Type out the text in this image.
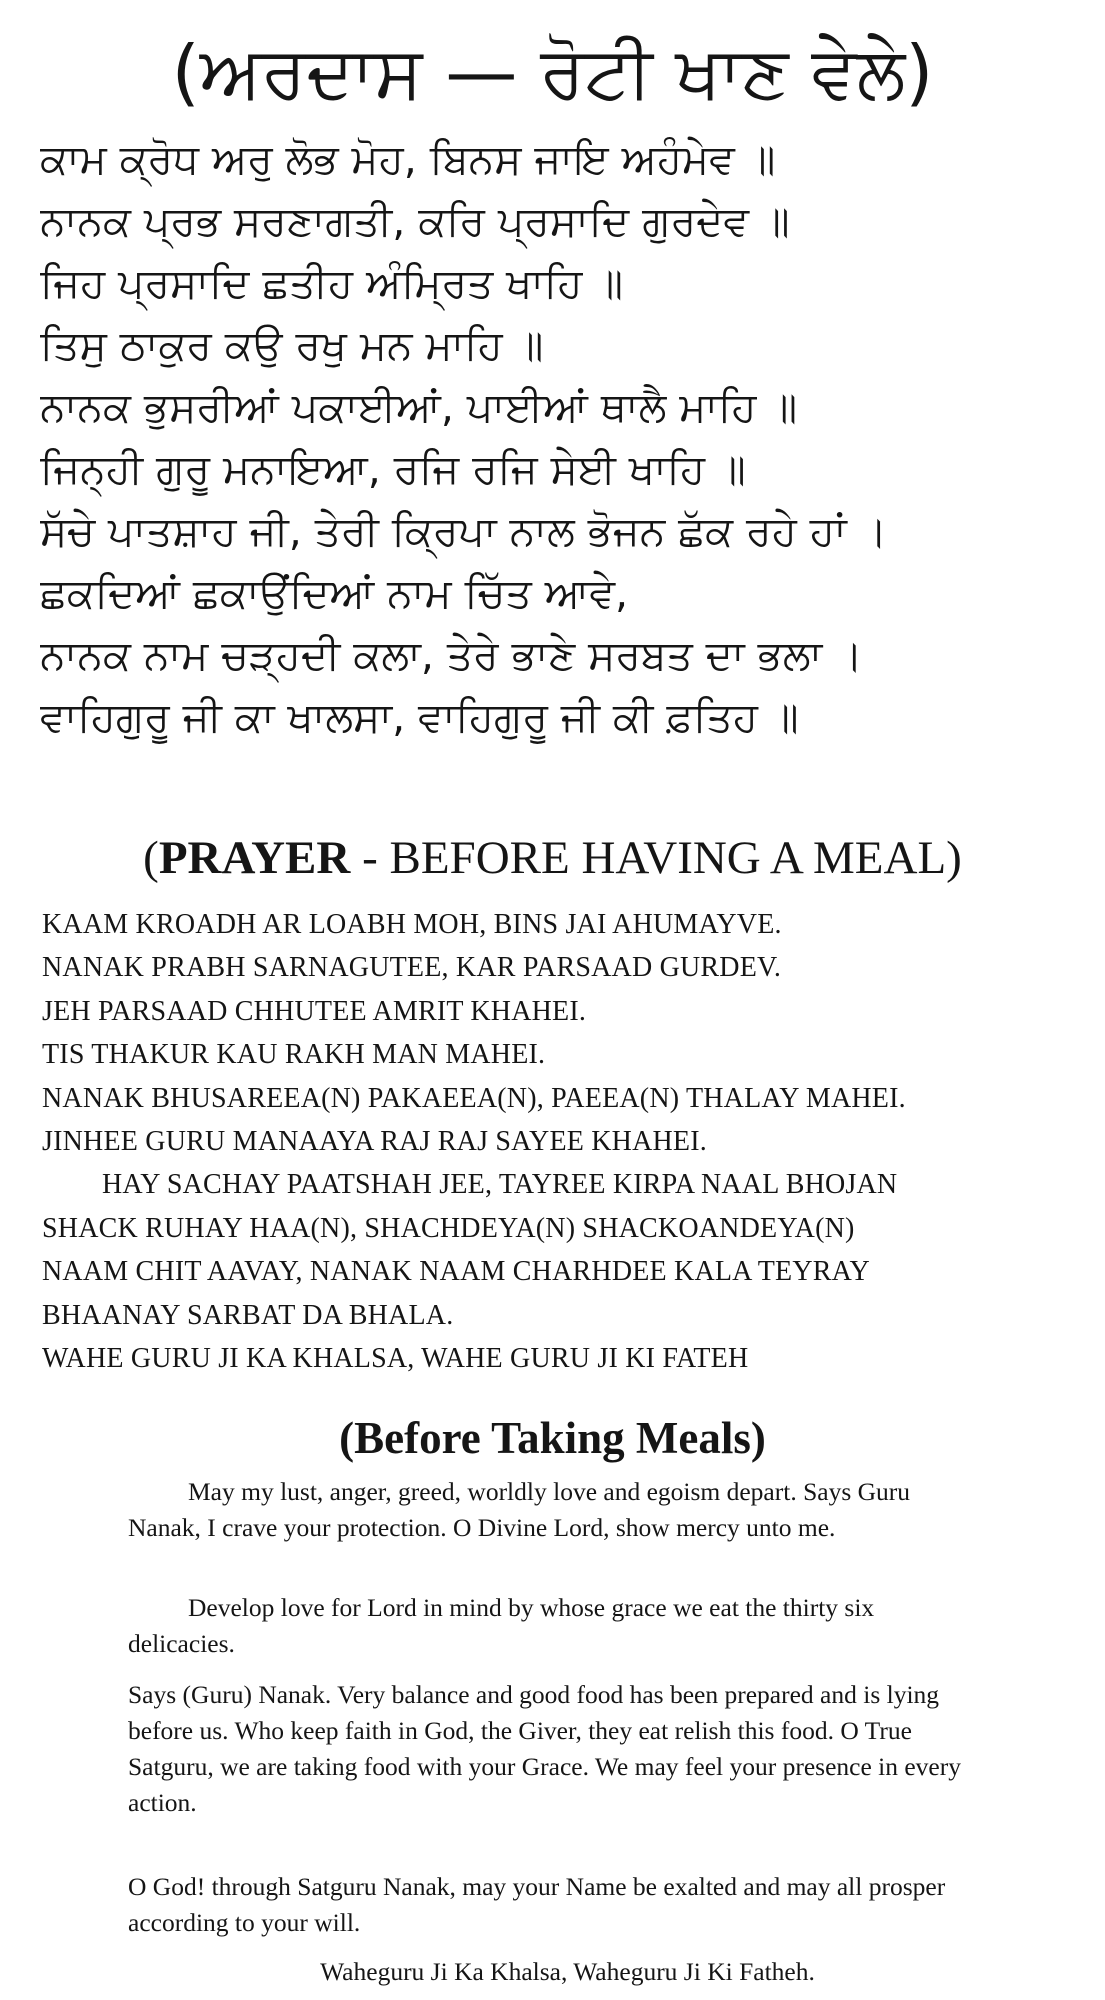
(ਅਰਦਾਸ — ਰੋਟੀ ਖਾਣ ਵੇਲੇ)
ਕਾਮ ਕ੍ਰੋਧ ਅਰੁ ਲੋਭ ਮੋਹ, ਬਿਨਸ ਜਾਇ ਅਹੰਮੇਵ ॥
ਨਾਨਕ ਪ੍ਰਭ ਸਰਣਾਗਤੀ, ਕਰਿ ਪ੍ਰਸਾਦਿ ਗੁਰਦੇਵ ॥
ਜਿਹ ਪ੍ਰਸਾਦਿ ਛਤੀਹ ਅੰਮ੍ਰਿਤ ਖਾਹਿ ॥
ਤਿਸੁ ਠਾਕੁਰ ਕਉ ਰਖੁ ਮਨ ਮਾਹਿ ॥
ਨਾਨਕ ਭੁਸਰੀਆਂ ਪਕਾਈਆਂ, ਪਾਈਆਂ ਥਾਲੈ ਮਾਹਿ ॥
ਜਿਨ੍ਹੀ ਗੁਰੂ ਮਨਾਇਆ, ਰਜਿ ਰਜਿ ਸੇਈ ਖਾਹਿ ॥
ਸੱਚੇ ਪਾਤਸ਼ਾਹ ਜੀ, ਤੇਰੀ ਕ੍ਰਿਪਾ ਨਾਲ ਭੋਜਨ ਛੱਕ ਰਹੇ ਹਾਂ ।
ਛਕਦਿਆਂ ਛਕਾਉਂਦਿਆਂ ਨਾਮ ਚਿੱਤ ਆਵੇ,
ਨਾਨਕ ਨਾਮ ਚੜ੍ਹਦੀ ਕਲਾ, ਤੇਰੇ ਭਾਣੇ ਸਰਬਤ ਦਾ ਭਲਾ ।
ਵਾਹਿਗੁਰੂ ਜੀ ਕਾ ਖਾਲਸਾ, ਵਾਹਿਗੁਰੂ ਜੀ ਕੀ ਫ਼ਤਿਹ ॥
(PRAYER - BEFORE HAVING A MEAL)
KAAM KROADH AR LOABH MOH, BINS JAI AHUMAYVE.
NANAK PRABH SARNAGUTEE, KAR PARSAAD GURDEV.
JEH PARSAAD CHHUTEE AMRIT KHAHEI.
TIS THAKUR KAU RAKH MAN MAHEI.
NANAK BHUSAREEA(N) PAKAEEA(N), PAEEA(N) THALAY MAHEI.
JINHEE GURU MANAAYA RAJ RAJ SAYEE KHAHEI.
HAY SACHAY PAATSHAH JEE, TAYREE KIRPA NAAL BHOJAN
SHACK RUHAY HAA(N), SHACHDEYA(N) SHACKOANDEYA(N)
NAAM CHIT AAVAY, NANAK NAAM CHARHDEE KALA TEYRAY
BHAANAY SARBAT DA BHALA.
WAHE GURU JI KA KHALSA, WAHE GURU JI KI FATEH
(Before Taking Meals)

May my lust, anger, greed, worldly love and egoism depart. Says Guru Nanak, I crave your protection. O Divine Lord, show mercy unto me.

Develop love for Lord in mind by whose grace we eat the thirty six delicacies.

Says (Guru) Nanak. Very balance and good food has been prepared and is lying before us. Who keep faith in God, the Giver, they eat relish this food. O True Satguru, we are taking food with your Grace. We may feel your presence in every action.

O God! through Satguru Nanak, may your Name be exalted and may all prosper according to your will.

Waheguru Ji Ka Khalsa, Waheguru Ji Ki Fatheh.
